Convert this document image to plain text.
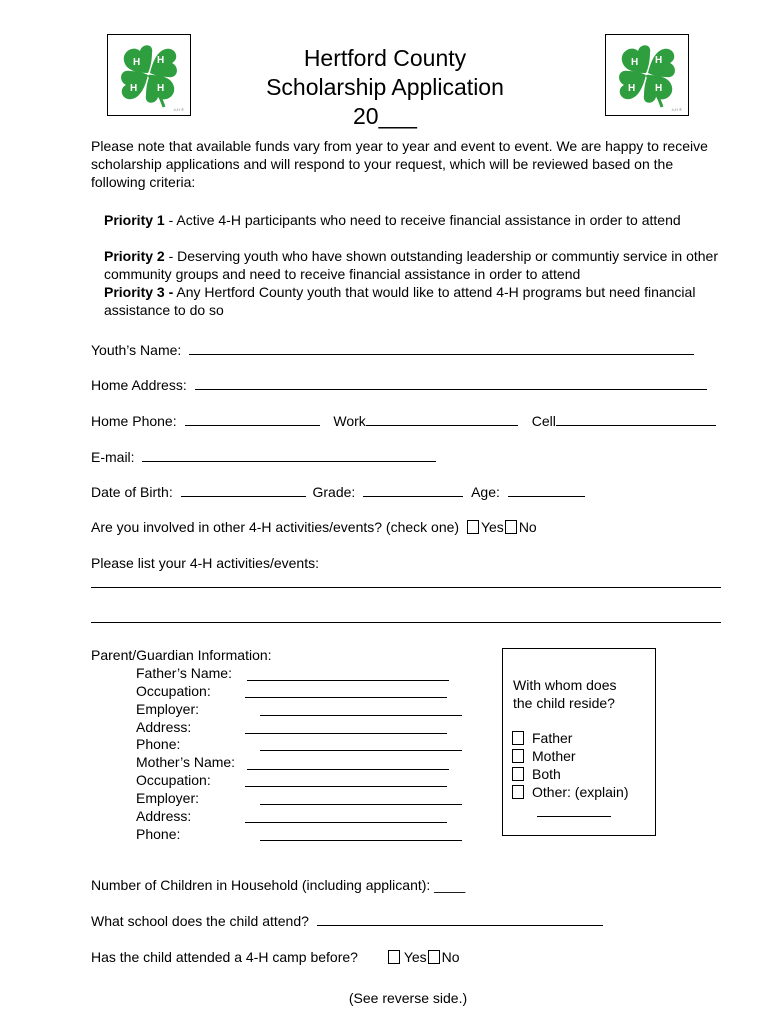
H H
H
H
4-H ®
H H
H
H
4-H ®
Hertford County
Scholarship Application
20___
Please note that available funds vary from year to year and event to event. We are happy to receive scholarship applications and will respond to your request, which will be reviewed based on the following criteria:
Priority 1 - Active 4-H participants who need to receive financial assistance in order to attend
Priority 2 - Deserving youth who have shown outstanding leadership or communtiy service in other community groups and need to receive financial assistance in order to attend
Priority 3 - Any Hertford County youth that would like to attend 4-H programs but need financial assistance to do so
Youth’s Name:
Home Address:
Home Phone:	Work	Cell
E-mail:
Date of Birth:	Grade:	Age:
Are you involved in other 4-H activities/events? (check one) Yes No
Please list your 4-H activities/events:
Parent/Guardian Information:
Father’s Name:
Occupation:
Employer:
Address:
Phone:
Mother’s Name:
Occupation:
Employer:
Address:
Phone:
With whom does
the child reside?
Father
Mother
Both
Other: (explain)
Number of Children in Household (including applicant): ____
What school does the child attend?
Has the child attended a 4-H camp before?	Yes No
(See reverse side.)
